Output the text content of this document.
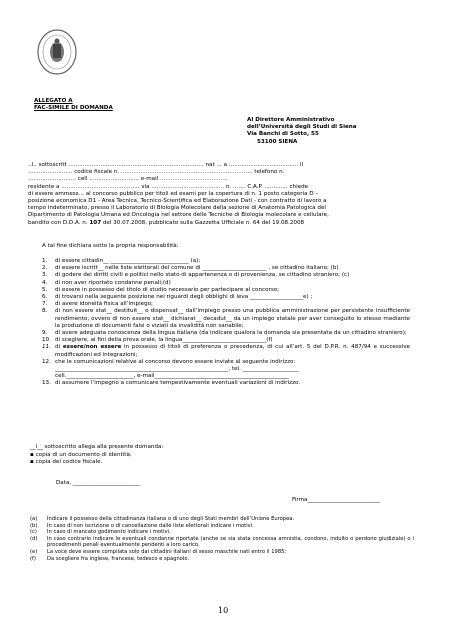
ALLEGATO A
FAC-SIMILE DI DOMANDA
Al Direttore Amministrativo
dell’Università degli Studi di Siena
Via Banchi di Sotto, 55
53100 SIENA
..l.. sottoscritt ............................................................................ nat ... a ....................................... il
......................... codice fiscale n. .......................................................................... telefono n.
........................... cell ............................ e-mail ......................................
residente a ............................................ via ......................................... n. ....... C.A.P. ............. chiede
di essere ammess... al concorso pubblico per titoli ed esami per la copertura di n. 1 posto categoria D –
posizione economica D1 - Area Tecnica, Tecnico-Scientifica ed Elaborazione Dati - con contratto di lavoro a
tempo indeterminato, presso il Laboratorio di Biologia Molecolare della sezione di Anatomia Patologica del
Dipartimento di Patologia Umana ed Oncologia nel settore delle Tecniche di Biologia molecolare e cellulare,
bandito con D.D.A. n. 107 del 30.07.2008, pubblicato sulla Gazzetta Ufficiale n. 64 del 19.08.2008
A tal fine dichiara sotto la propria responsabilità:
1. di essere cittadin__ ____________________________ (a);
2. di essere iscritt__ nelle liste elettorali del comune di _______________________ , se cittadino italiano; (b)
3. di godere dei diritti civili e politici nello stato di appartenenza o di provenienza, se cittadino straniero; (c)
4. di non aver riportato condanne penali;(d)
5. di essere in possesso del titolo di studio necessario per partecipare al concorso;
6. di trovarsi nella seguente posizione nei riguardi degli obblighi di leva ___________________e) ;
7. di avere idoneità fisica all’impiego;
8. di non essere stat__ destituit__ o dispensat__ dall’impiego presso una pubblica amministrazione per persistente insufficiente rendimento, ovvero di non essere stat__ dichiarat__ decadut__ da un impiego statale per aver conseguito lo stesso mediante la produzione di documenti falsi o viziati da invalidità non sanabile;
9. di avere adeguata conoscenza della lingua italiana (da indicare qualora la domanda sia presentata da un cittadino straniero);
10. di scegliere, ai fini della prova orale, la lingua______________________________(f)
11. di essere/non essere in possesso di titoli di preferenza o precedenza, di cui all’art. 5 del D.P.R. n. 487/94 e successive modificazioni ed integrazioni;
12. che le comunicazioni relative al concorso devono essere inviate al seguente indirizzo:
______________________________________________________________, tel. ____________________
cell.________________________, e-mail________________________________________________
13. di assumere l’impegno a comunicare tempestivamente eventuali variazioni di indirizzo.
__l__ sottoscritto allega alla presente domanda:
▪ copia di un documento di identità;
▪ copia del codice fiscale.
Data, ________________________
Firma__________________________
(a) Indicare il possesso della cittadinanza italiana o di uno degli Stati membri dell’Unione Europea.
(b) In caso di non iscrizione o di cancellazione dalle liste elettorali indicare i motivi.
(c) In caso di mancato godimento indicare i motivi.
(d) In caso contrario indicare le eventuali condanne riportate (anche se sia stata concessa amnistia, condono, indulto o perdono giudiziale) o i procedimenti penali eventualmente pendenti a loro carico.
(e) La voce deve essere compilata solo dai cittadini italiani di sesso maschile nati entro il 1985;
(f) Da scegliere fra inglese, francese, tedesco e spagnolo.
10
